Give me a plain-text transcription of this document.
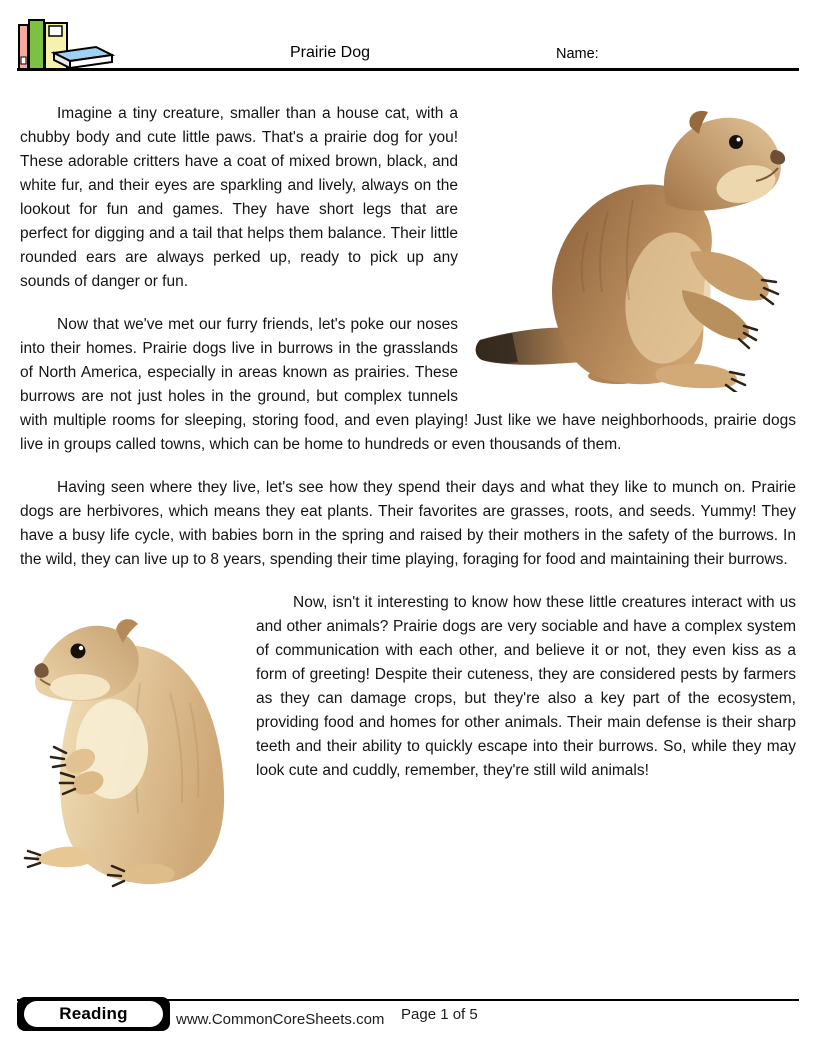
Prairie Dog	Name:

Imagine a tiny creature, smaller than a house cat, with a chubby body and cute little paws. That's a prairie dog for you! These adorable critters have a coat of mixed brown, black, and white fur, and their eyes are sparkling and lively, always on the lookout for fun and games. They have short legs that are perfect for digging and a tail that helps them balance. Their little rounded ears are always perked up, ready to pick up any sounds of danger or fun.

Now that we've met our furry friends, let's poke our noses into their homes. Prairie dogs live in burrows in the grasslands of North America, especially in areas known as prairies. These burrows are not just holes in the ground, but complex tunnels with multiple rooms for sleeping, storing food, and even playing! Just like we have neighborhoods, prairie dogs live in groups called towns, which can be home to hundreds or even thousands of them.

Having seen where they live, let's see how they spend their days and what they like to munch on. Prairie dogs are herbivores, which means they eat plants. Their favorites are grasses, roots, and seeds. Yummy! They have a busy life cycle, with babies born in the spring and raised by their mothers in the safety of the burrows. In the wild, they can live up to 8 years, spending their time playing, foraging for food and maintaining their burrows.

Now, isn't it interesting to know how these little creatures interact with us and other animals? Prairie dogs are very sociable and have a complex system of communication with each other, and believe it or not, they even kiss as a form of greeting! Despite their cuteness, they are considered pests by farmers as they can damage crops, but they're also a key part of the ecosystem, providing food and homes for other animals. Their main defense is their sharp teeth and their ability to quickly escape into their burrows. So, while they may look cute and cuddly, remember, they're still wild animals!

Reading	www.CommonCoreSheets.com Page 1 of 5
